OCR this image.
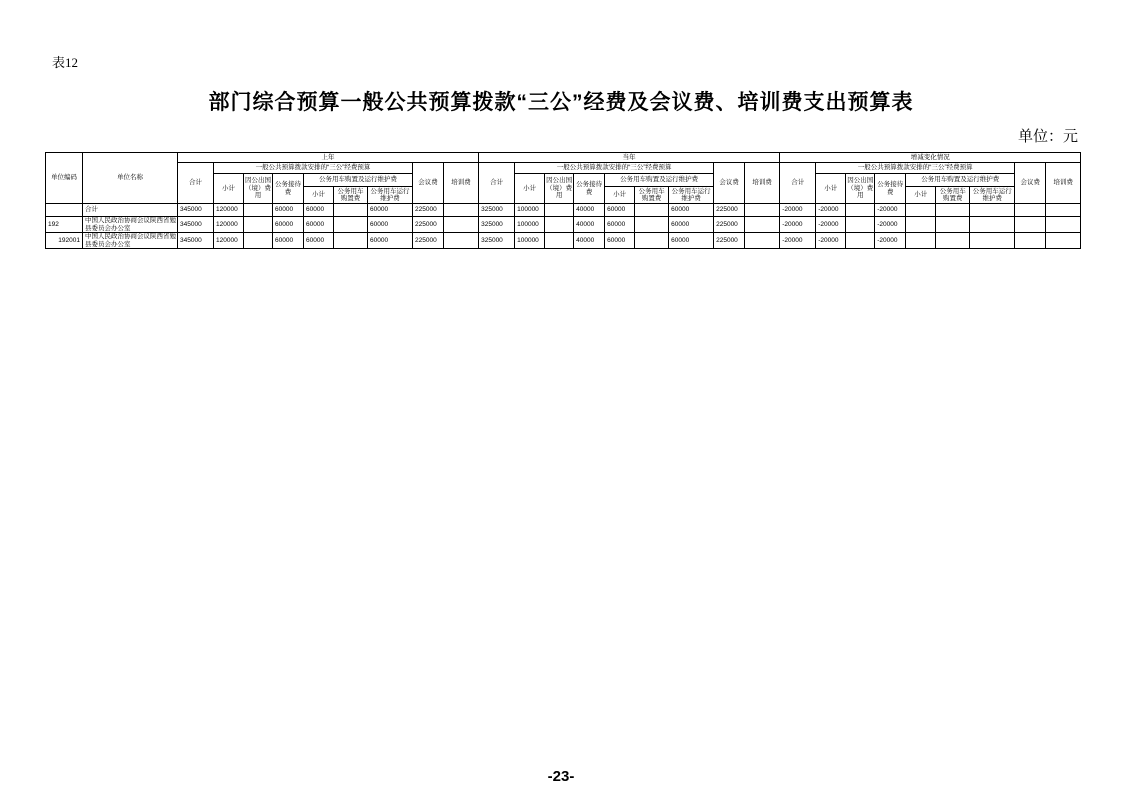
表12
部门综合预算一般公共预算拨款“三公”经费及会议费、培训费支出预算表
单位：元
单位编码	单位名称	上年									当年									增减变化情况								
		合计	一般公共预算拨款安排的“三公”经费预算						会议费	培训费	合计	一般公共预算拨款安排的“三公”经费预算						会议费	培训费	合计	一般公共预算拨款安排的“三公”经费预算						会议费	培训费
			小计	因公出国（境）费用	公务接待费	公务用车购置及运行维护费						小计	因公出国（境）费用	公务接待费	公务用车购置及运行维护费						小计	因公出国（境）费用	公务接待费	公务用车购置及运行维护费				
						小计	公务用车购置费	公务用车运行维护费							小计	公务用车购置费	公务用车运行维护费							小计	公务用车购置费	公务用车运行维护费		
	合计	345000	120000		60000	60000		60000	225000		325000	100000		40000	60000		60000	225000		-20000	-20000		-20000					
192	中国人民政治协商会议陕西省勉县委员会办公室	345000	120000		60000	60000		60000	225000		325000	100000		40000	60000		60000	225000		-20000	-20000		-20000					
192001	中国人民政治协商会议陕西省勉县委员会办公室	345000	120000		60000	60000		60000	225000		325000	100000		40000	60000		60000	225000		-20000	-20000		-20000					
-23-
